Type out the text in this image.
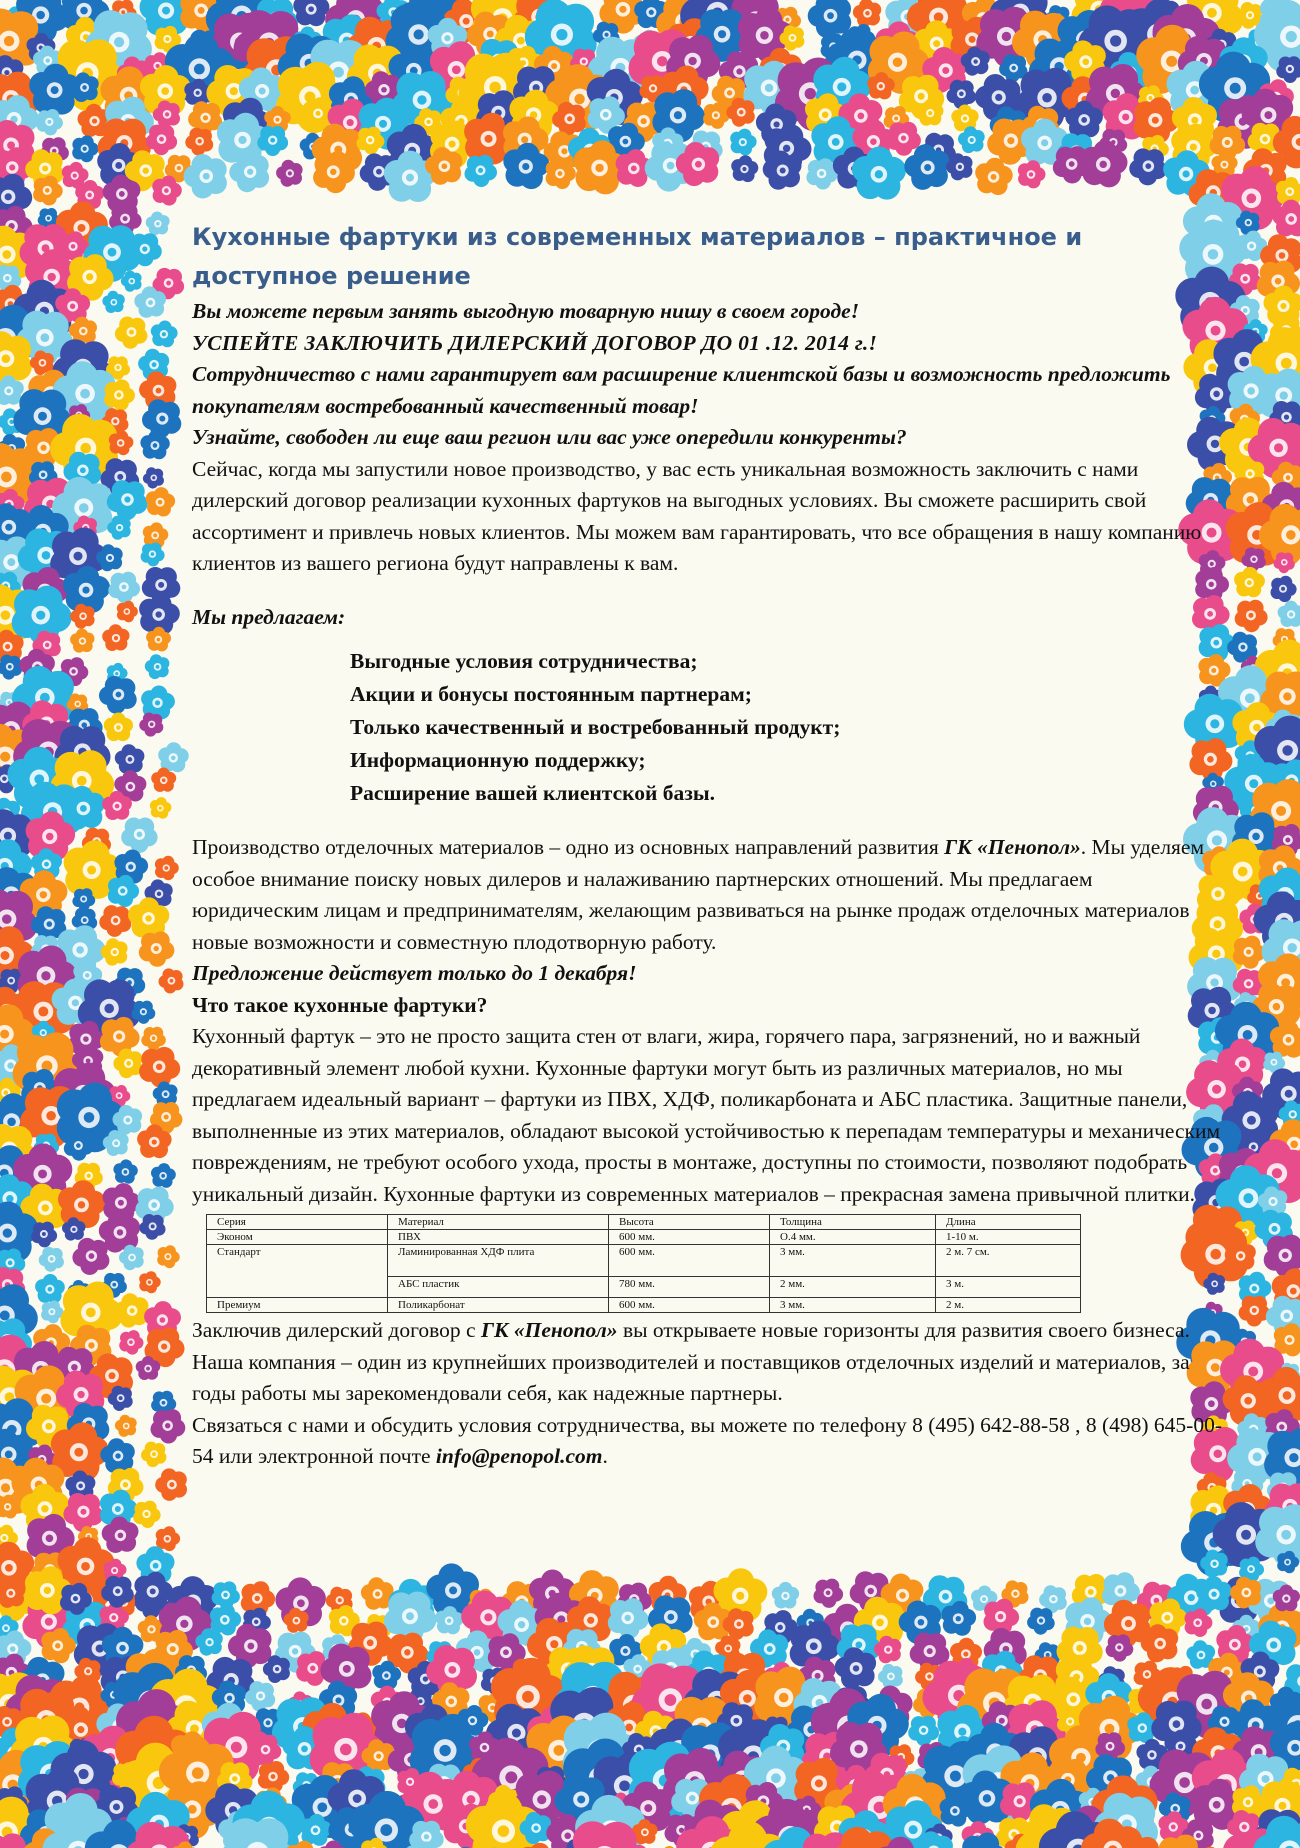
Кухонные фартуки из современных материалов – практичное и доступное решение

Вы можете первым занять выгодную товарную нишу в своем городе!

УСПЕЙТЕ ЗАКЛЮЧИТЬ ДИЛЕРСКИЙ ДОГОВОР ДО 01 .12. 2014 г.!

Сотрудничество с нами гарантирует вам расширение клиентской базы и возможность предложить покупателям востребованный качественный товар!

Узнайте, свободен ли еще ваш регион или вас уже опередили конкуренты?

Сейчас, когда мы запустили новое производство, у вас есть уникальная возможность заключить с нами дилерский договор реализации кухонных фартуков на выгодных условиях. Вы сможете расширить свой ассортимент и привлечь новых клиентов. Мы можем вам гарантировать, что все обращения в нашу компанию клиентов из вашего региона будут направлены к вам.

Мы предлагаем:

Выгодные условия сотрудничества;
Акции и бонусы постоянным партнерам;
Только качественный и востребованный продукт;
Информационную поддержку;
Расширение вашей клиентской базы.

Производство отделочных материалов – одно из основных направлений развития ГК «Пенопол». Мы уделяем особое внимание поиску новых дилеров и налаживанию партнерских отношений. Мы предлагаем юридическим лицам и предпринимателям, желающим развиваться на рынке продаж отделочных материалов новые возможности и совместную плодотворную работу.

Предложение действует только до 1 декабря!

Что такое кухонные фартуки?

Кухонный фартук – это не просто защита стен от влаги, жира, горячего пара, загрязнений, но и важный декоративный элемент любой кухни. Кухонные фартуки могут быть из различных материалов, но мы предлагаем идеальный вариант – фартуки из ПВХ, ХДФ, поликарбоната и АБС пластика. Защитные панели, выполненные из этих материалов, обладают высокой устойчивостью к перепадам температуры и механическим повреждениям, не требуют особого ухода, просты в монтаже, доступны по стоимости, позволяют подобрать уникальный дизайн. Кухонные фартуки из современных материалов – прекрасная замена привычной плитки.

Серия	Материал	Высота	Толщина	Длина
Эконом	ПВХ	600 мм.	О.4 мм.	1-10 м.
Стандарт	Ламинированная ХДФ плита	600 мм.	3 мм.	2 м. 7 см.
	АБС пластик	780 мм.	2 мм.	3 м.
Премиум	Поликарбонат	600 мм.	3 мм.	2 м.

Заключив дилерский договор с ГК «Пенопол» вы открываете новые горизонты для развития своего бизнеса. Наша компания – один из крупнейших производителей и поставщиков отделочных изделий и материалов, за годы работы мы зарекомендовали себя, как надежные партнеры.

Связаться с нами и обсудить условия сотрудничества, вы можете по телефону 8 (495) 642-88-58 , 8 (498) 645-00-54 или электронной почте info@penopol.com.
